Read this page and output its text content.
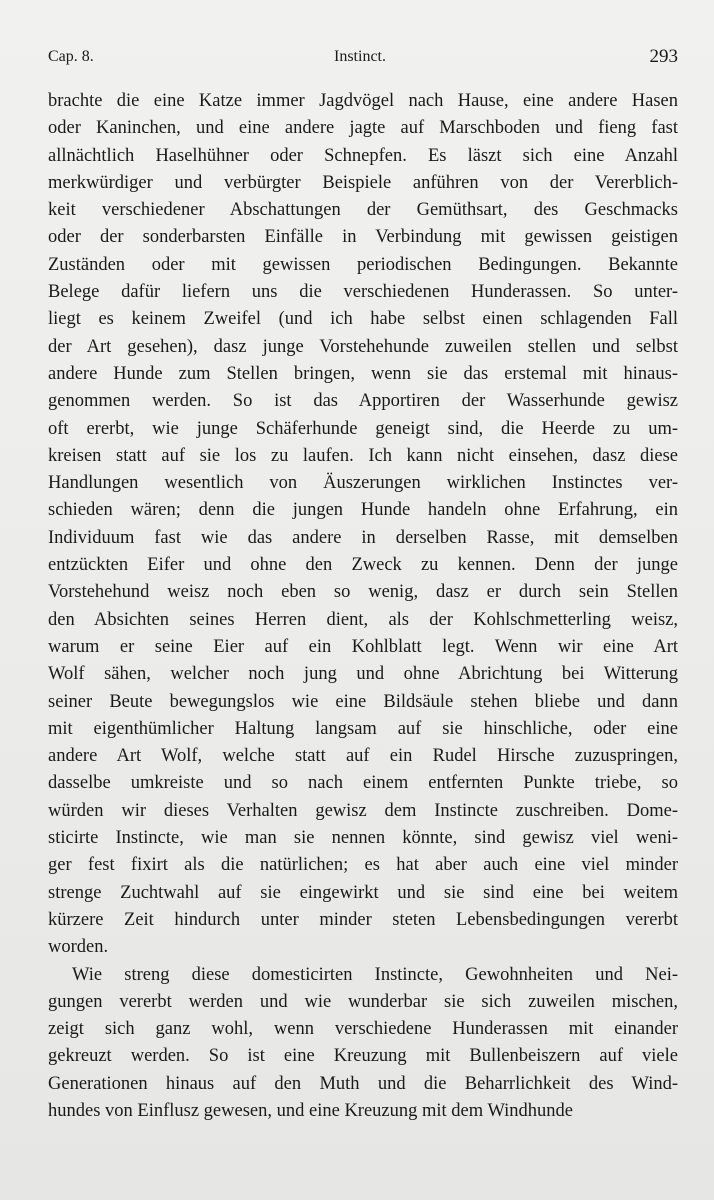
Cap. 8.	Instinct.	293
brachte die eine Katze immer Jagdvögel nach Hause, eine andere Hasen
oder Kaninchen, und eine andere jagte auf Marschboden und fieng fast
allnächtlich Haselhühner oder Schnepfen. Es läszt sich eine Anzahl
merkwürdiger und verbürgter Beispiele anführen von der Vererblich-
keit verschiedener Abschattungen der Gemüthsart, des Geschmacks
oder der sonderbarsten Einfälle in Verbindung mit gewissen geistigen
Zuständen oder mit gewissen periodischen Bedingungen. Bekannte
Belege dafür liefern uns die verschiedenen Hunderassen. So unter-
liegt es keinem Zweifel (und ich habe selbst einen schlagenden Fall
der Art gesehen), dasz junge Vorstehehunde zuweilen stellen und selbst
andere Hunde zum Stellen bringen, wenn sie das erstemal mit hinaus-
genommen werden. So ist das Apportiren der Wasserhunde gewisz
oft ererbt, wie junge Schäferhunde geneigt sind, die Heerde zu um-
kreisen statt auf sie los zu laufen. Ich kann nicht einsehen, dasz diese
Handlungen wesentlich von Äuszerungen wirklichen Instinctes ver-
schieden wären; denn die jungen Hunde handeln ohne Erfahrung, ein
Individuum fast wie das andere in derselben Rasse, mit demselben
entzückten Eifer und ohne den Zweck zu kennen. Denn der junge
Vorstehehund weisz noch eben so wenig, dasz er durch sein Stellen
den Absichten seines Herren dient, als der Kohlschmetterling weisz,
warum er seine Eier auf ein Kohlblatt legt. Wenn wir eine Art
Wolf sähen, welcher noch jung und ohne Abrichtung bei Witterung
seiner Beute bewegungslos wie eine Bildsäule stehen bliebe und dann
mit eigenthümlicher Haltung langsam auf sie hinschliche, oder eine
andere Art Wolf, welche statt auf ein Rudel Hirsche zuzuspringen,
dasselbe umkreiste und so nach einem entfernten Punkte triebe, so
würden wir dieses Verhalten gewisz dem Instincte zuschreiben. Dome-
sticirte Instincte, wie man sie nennen könnte, sind gewisz viel weni-
ger fest fixirt als die natürlichen; es hat aber auch eine viel minder
strenge Zuchtwahl auf sie eingewirkt und sie sind eine bei weitem
kürzere Zeit hindurch unter minder steten Lebensbedingungen vererbt
worden.
Wie streng diese domesticirten Instincte, Gewohnheiten und Nei-
gungen vererbt werden und wie wunderbar sie sich zuweilen mischen,
zeigt sich ganz wohl, wenn verschiedene Hunderassen mit einander
gekreuzt werden. So ist eine Kreuzung mit Bullenbeiszern auf viele
Generationen hinaus auf den Muth und die Beharrlichkeit des Wind-
hundes von Einflusz gewesen, und eine Kreuzung mit dem Windhunde
